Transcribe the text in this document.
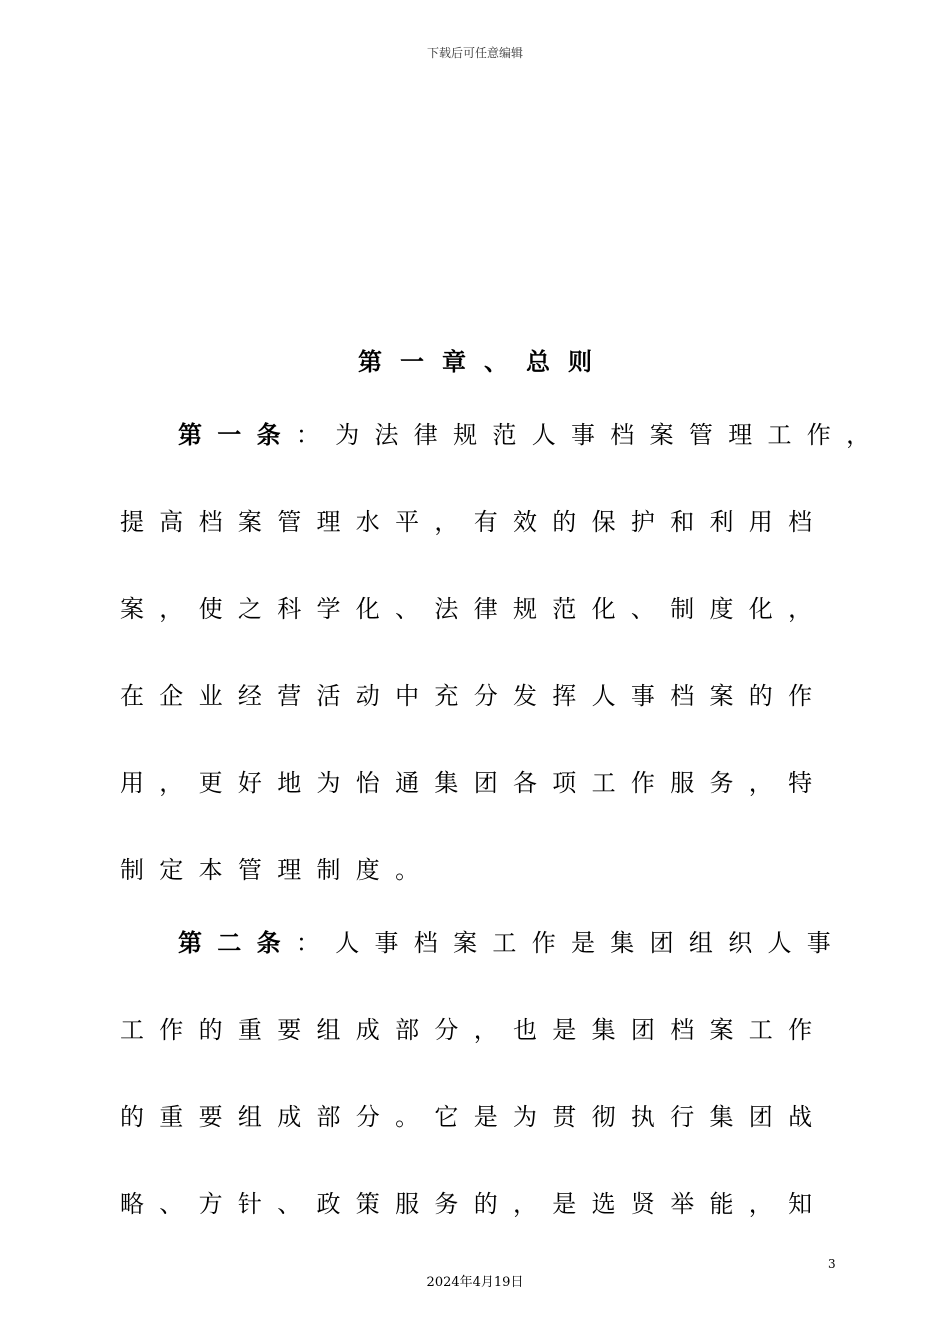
下载后可任意编辑
第一章、总则
第一条：为法律规范人事档案管理工作，
提高档案管理水平，有效的保护和利用档
案，使之科学化、法律规范化、制度化，
在企业经营活动中充分发挥人事档案的作
用，更好地为怡通集团各项工作服务，特
制定本管理制度。
第二条：人事档案工作是集团组织人事
工作的重要组成部分，也是集团档案工作
的重要组成部分。它是为贯彻执行集团战
略、方针、政策服务的，是选贤举能，知
3
2024年4月19日
